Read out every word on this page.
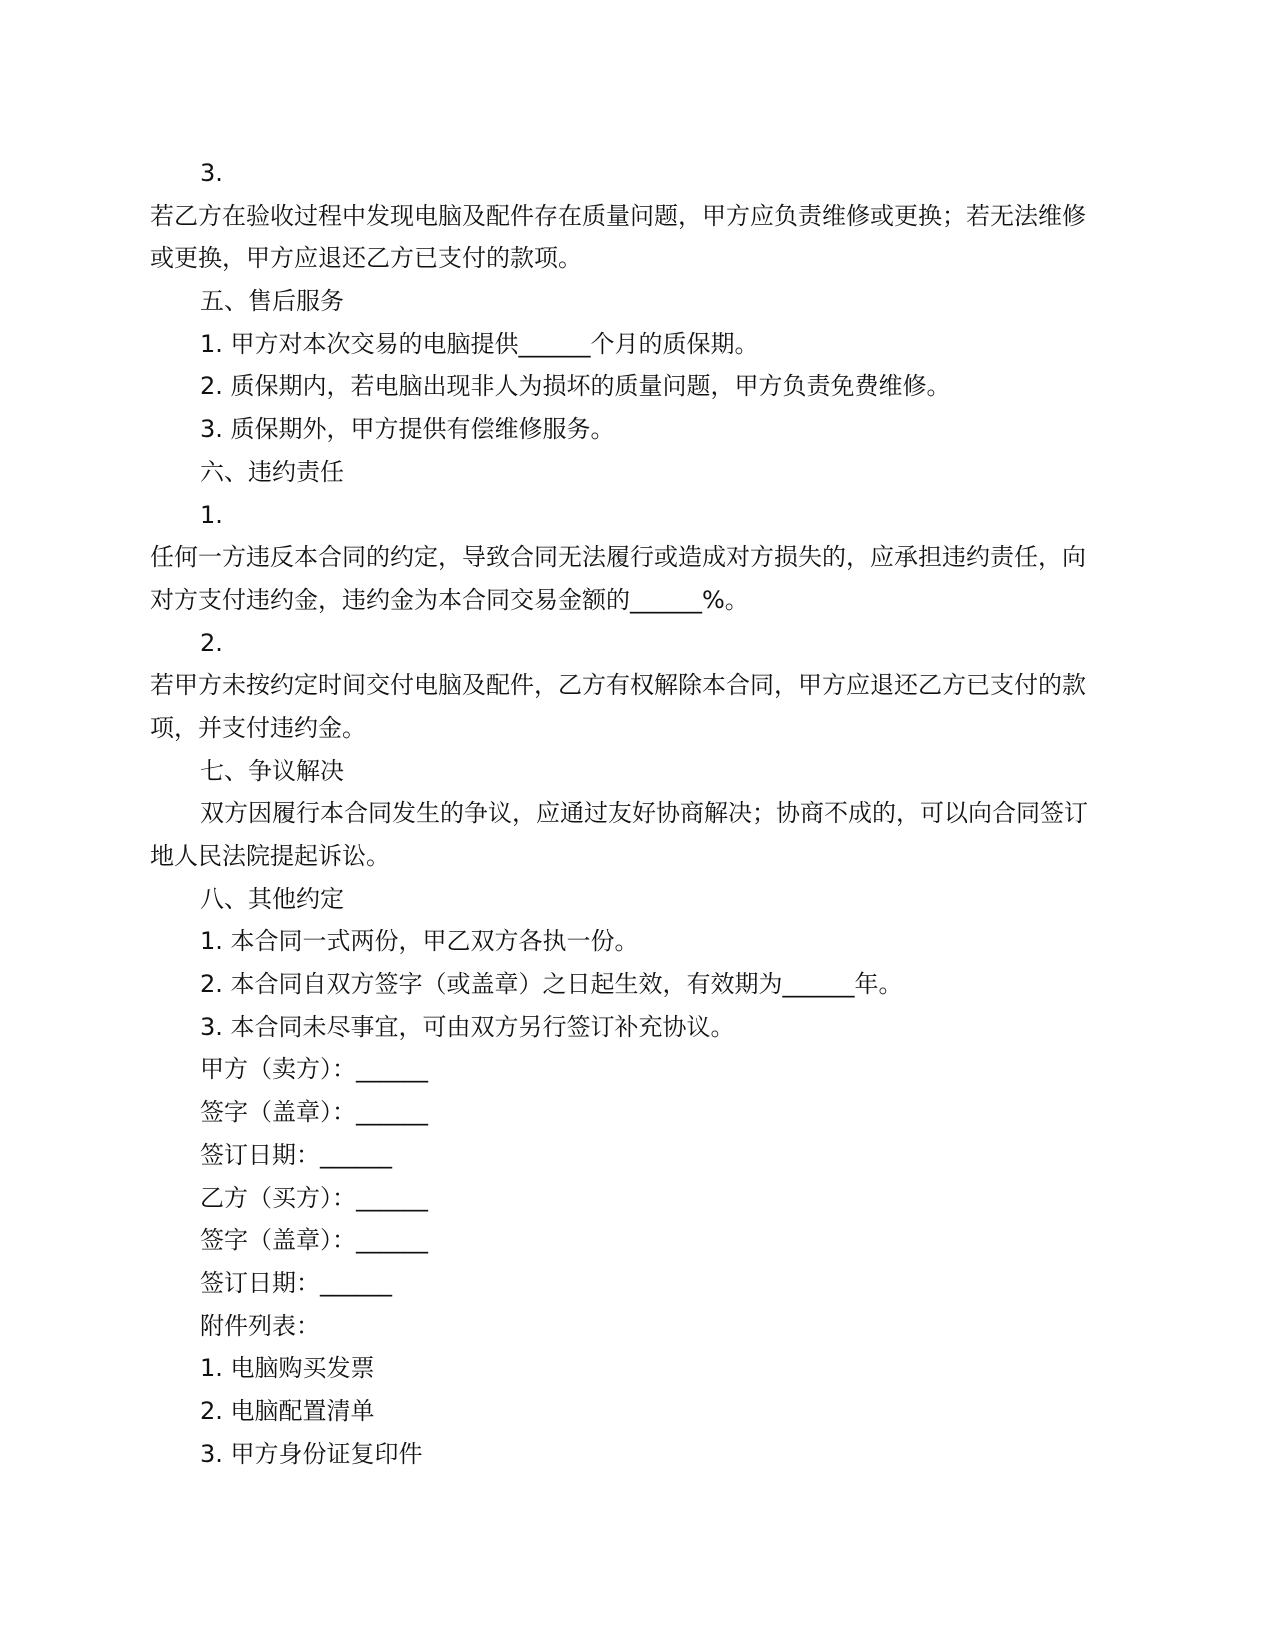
3.

若乙方在验收过程中发现电脑及配件存在质量问题，甲方应负责维修或更换；若无法维修

或更换，甲方应退还乙方已支付的款项。

五、售后服务

1. 甲方对本次交易的电脑提供______个月的质保期。

2. 质保期内，若电脑出现非人为损坏的质量问题，甲方负责免费维修。

3. 质保期外，甲方提供有偿维修服务。

六、违约责任

1.

任何一方违反本合同的约定，导致合同无法履行或造成对方损失的，应承担违约责任，向

对方支付违约金，违约金为本合同交易金额的______%。

2.

若甲方未按约定时间交付电脑及配件，乙方有权解除本合同，甲方应退还乙方已支付的款

项，并支付违约金。

七、争议解决

双方因履行本合同发生的争议，应通过友好协商解决；协商不成的，可以向合同签订

地人民法院提起诉讼。

八、其他约定

1. 本合同一式两份，甲乙双方各执一份。

2. 本合同自双方签字（或盖章）之日起生效，有效期为______年。

3. 本合同未尽事宜，可由双方另行签订补充协议。

甲方（卖方）：______

签字（盖章）：______

签订日期：______

乙方（买方）：______

签字（盖章）：______

签订日期：______

附件列表：

1. 电脑购买发票

2. 电脑配置清单

3. 甲方身份证复印件
